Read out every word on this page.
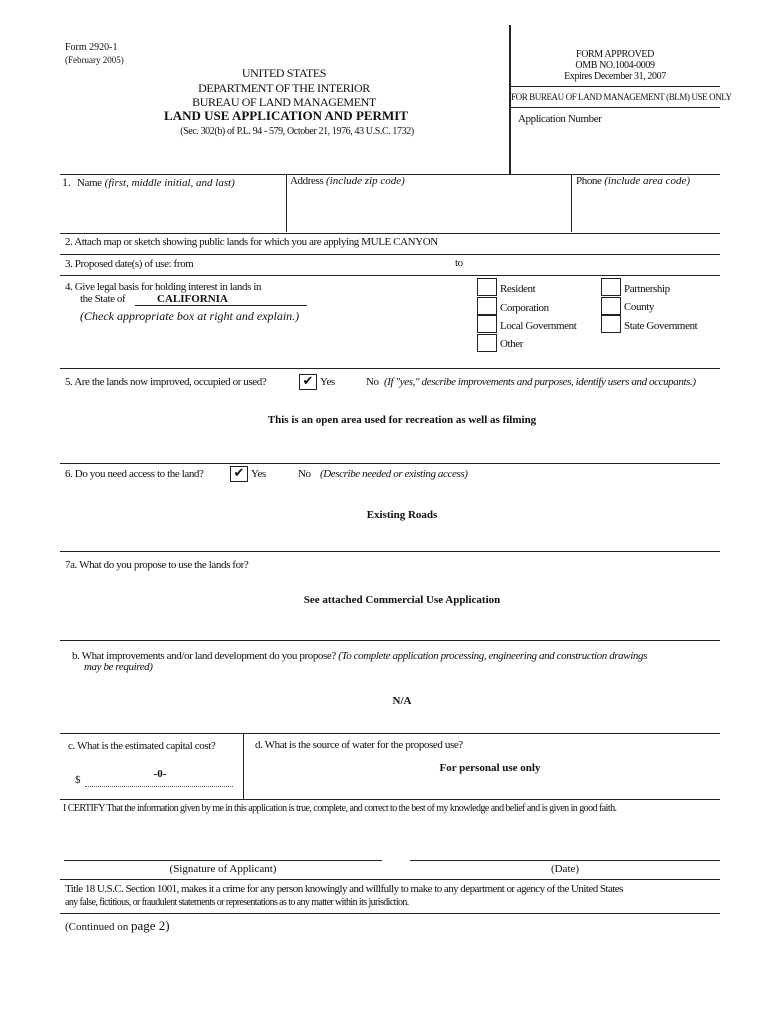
Form 2920-1
(February 2005)
UNITED STATES
DEPARTMENT OF THE INTERIOR
BUREAU OF LAND MANAGEMENT
LAND USE APPLICATION AND PERMIT
(Sec. 302(b) of P.L. 94 - 579, October 21, 1976, 43 U.S.C. 1732)
FORM APPROVED
OMB NO.1004-0009
Expires December 31, 2007
FOR BUREAU OF LAND MANAGEMENT (BLM) USE ONLY
Application Number
1. Name (first, middle initial, and last)	Address (include zip code)	Phone (include area code)
2. Attach map or sketch showing public lands for which you are applying MULE CANYON
3. Proposed date(s) of use: from	to
4. Give legal basis for holding interest in lands in
the State of	CALIFORNIA
(Check appropriate box at right and explain.)
Resident
Corporation
Local Government
Other
Partnership
County
State Government
5. Are the lands now improved, occupied or used?	✔ Yes	No (If "yes," describe improvements and purposes, identify users and occupants.)
This is an open area used for recreation as well as filming
6. Do you need access to the land? ✔ Yes	No (Describe needed or existing access)
Existing Roads
7a. What do you propose to use the lands for?
See attached Commercial Use Application
b. What improvements and/or land development do you propose? (To complete application processing, engineering and construction drawings
may be required)
N/A
c. What is the estimated capital cost?
$	-0-
d. What is the source of water for the proposed use?
For personal use only
I CERTIFY That the information given by me in this application is true, complete, and correct to the best of my knowledge and belief and is given in good faith.
(Signature of Applicant)	(Date)
Title 18 U.S.C. Section 1001, makes it a crime for any person knowingly and willfully to make to any department or agency of the United States
any false, fictitious, or fraudulent statements or representations as to any matter within its jurisdiction.
(Continued on page 2)
